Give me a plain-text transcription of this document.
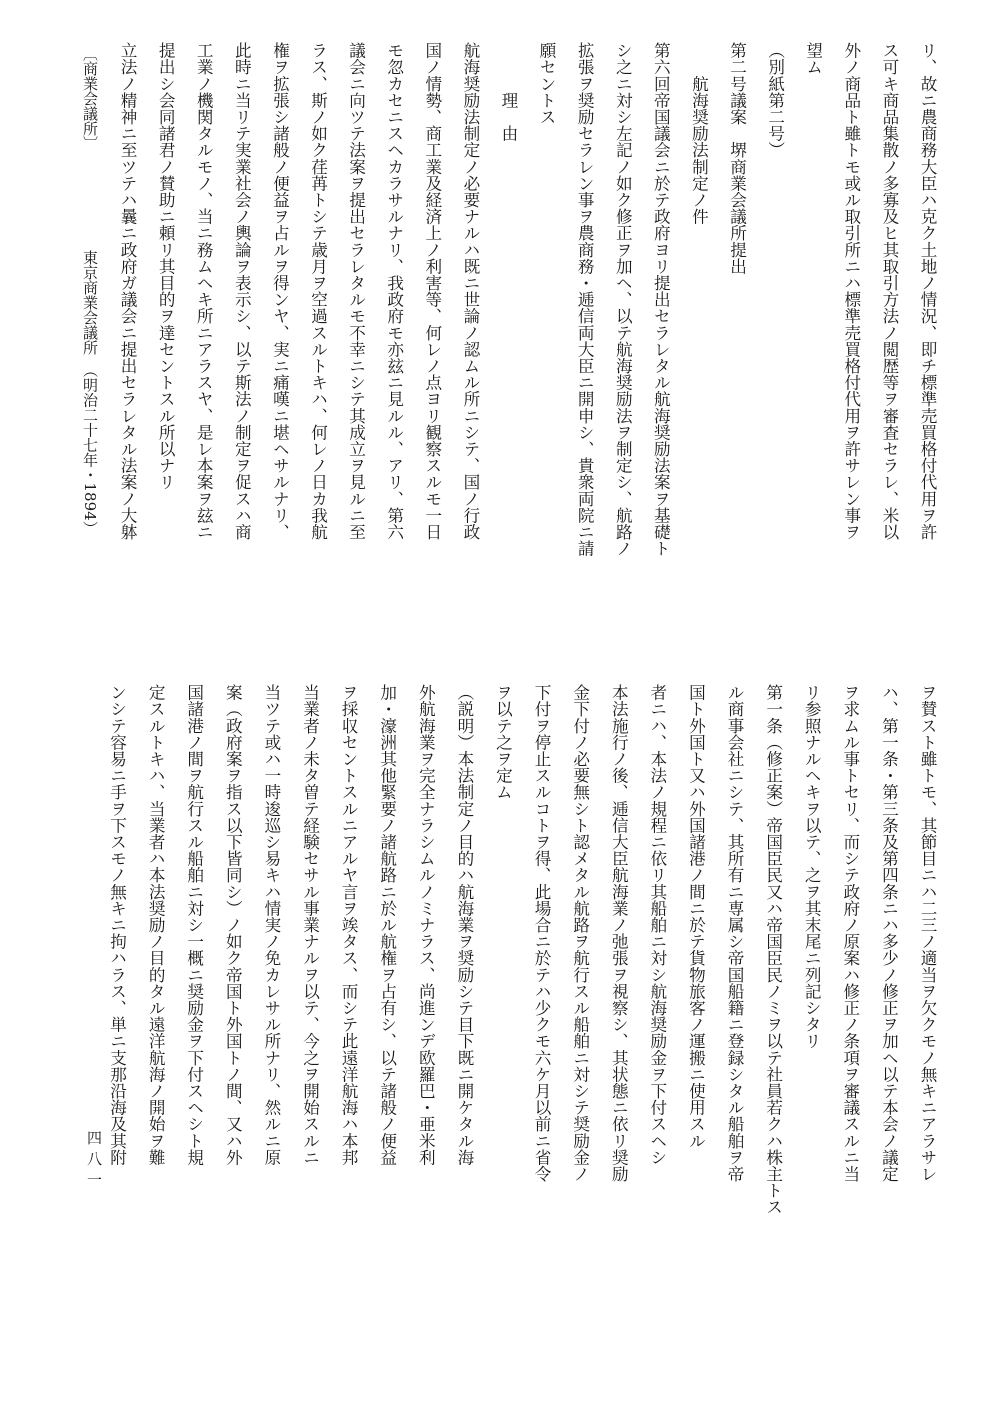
リ、故ニ農商務大臣ハ克ク土地ノ情況、即チ標準売買格付代用ヲ許
ス可キ商品集散ノ多寡及ヒ其取引方法ノ閲歴等ヲ審査セラレ、米以
外ノ商品ト雖トモ或ル取引所ニハ標準売買格付代用ヲ許サレン事ヲ
望ム
（別紙第二号）
第二号議案　堺商業会議所提出
　　航海奨励法制定ノ件
第六回帝国議会ニ於テ政府ヨリ提出セラレタル航海奨励法案ヲ基礎ト
シ之ニ対シ左記ノ如ク修正ヲ加ヘ、以テ航海奨励法ヲ制定シ、航路ノ
拡張ヲ奨励セラレン事ヲ農商務・逓信両大臣ニ開申シ、貴衆両院ニ請
願セントス
　　　理　由
航海奨励法制定ノ必要ナルハ既ニ世論ノ認ムル所ニシテ、国ノ行政
国ノ情勢、商工業及経済上ノ利害等、何レノ点ヨリ観察スルモ一日
モ忽カセニスヘカラサルナリ、我政府モ亦玆ニ見ルル、アリ、第六
議会ニ向ツテ法案ヲ提出セラレタルモ不幸ニシテ其成立ヲ見ルニ至
ラス、斯ノ如ク荏苒トシテ歳月ヲ空過スルトキハ、何レノ日カ我航
権ヲ拡張シ諸般ノ便益ヲ占ルヲ得ンヤ、実ニ痛嘆ニ堪ヘサルナリ、
此時ニ当リテ実業社会ノ輿論ヲ表示シ、以テ斯法ノ制定ヲ促スハ商
工業ノ機関タルモノ、当ニ務ムヘキ所ニアラスヤ、是レ本案ヲ玆ニ
提出シ会同諸君ノ賛助ニ頼リ其目的ヲ達セントスル所以ナリ
立法ノ精神ニ至ツテハ曩ニ政府ガ議会ニ提出セラレタル法案ノ大躰
ヲ賛スト雖トモ、其節目ニハ二三ノ適当ヲ欠クモノ無キニアラサレ
ハ、第一条・第三条及第四条ニハ多少ノ修正ヲ加ヘ以テ本会ノ議定
ヲ求ムル事トセリ、而シテ政府ノ原案ハ修正ノ条項ヲ審議スルニ当
リ参照ナルヘキヲ以テ、之ヲ其末尾ニ列記シタリ
第一条（修正案）帝国臣民又ハ帝国臣民ノミヲ以テ社員若クハ株主トス
ル商事会社ニシテ、其所有ニ専属シ帝国船籍ニ登録シタル船舶ヲ帝
国ト外国ト又ハ外国諸港ノ間ニ於テ貨物旅客ノ運搬ニ使用スル
者ニハ、本法ノ規程ニ依リ其船舶ニ対シ航海奨励金ヲ下付スヘシ
本法施行ノ後、逓信大臣航海業ノ弛張ヲ視察シ、其状態ニ依リ奨励
金下付ノ必要無シト認メタル航路ヲ航行スル船舶ニ対シテ奨励金ノ
下付ヲ停止スルコトヲ得、此場合ニ於テハ少クモ六ケ月以前ニ省令
ヲ以テ之ヲ定ム
（説明）本法制定ノ目的ハ航海業ヲ奨励シテ目下既ニ開ケタル海
外航海業ヲ完全ナラシムルノミナラス、尚進ンデ欧羅巴・亜米利
加・濠洲其他緊要ノ諸航路ニ於ル航権ヲ占有シ、以テ諸般ノ便益
ヲ採収セントスルニアルヤ言ヲ竢タス、而シテ此遠洋航海ハ本邦
当業者ノ未タ曽テ経験セサル事業ナルヲ以テ、今之ヲ開始スルニ
当ツテ或ハ一時逡巡シ易キハ情実ノ免カレサル所ナリ、然ルニ原
案（政府案ヲ指ス以下皆同シ）ノ如ク帝国ト外国トノ間、又ハ外
国諸港ノ間ヲ航行スル船舶ニ対シ一概ニ奨励金ヲ下付スヘシト規
定スルトキハ、当業者ハ本法奨励ノ目的タル遠洋航海ノ開始ヲ難
ンシテ容易ニ手ヲ下スモノ無キニ拘ハラス、単ニ支那沿海及其附
〔商業会議所〕
東京商業会議所　（明治二十七年・1894）
四八一
